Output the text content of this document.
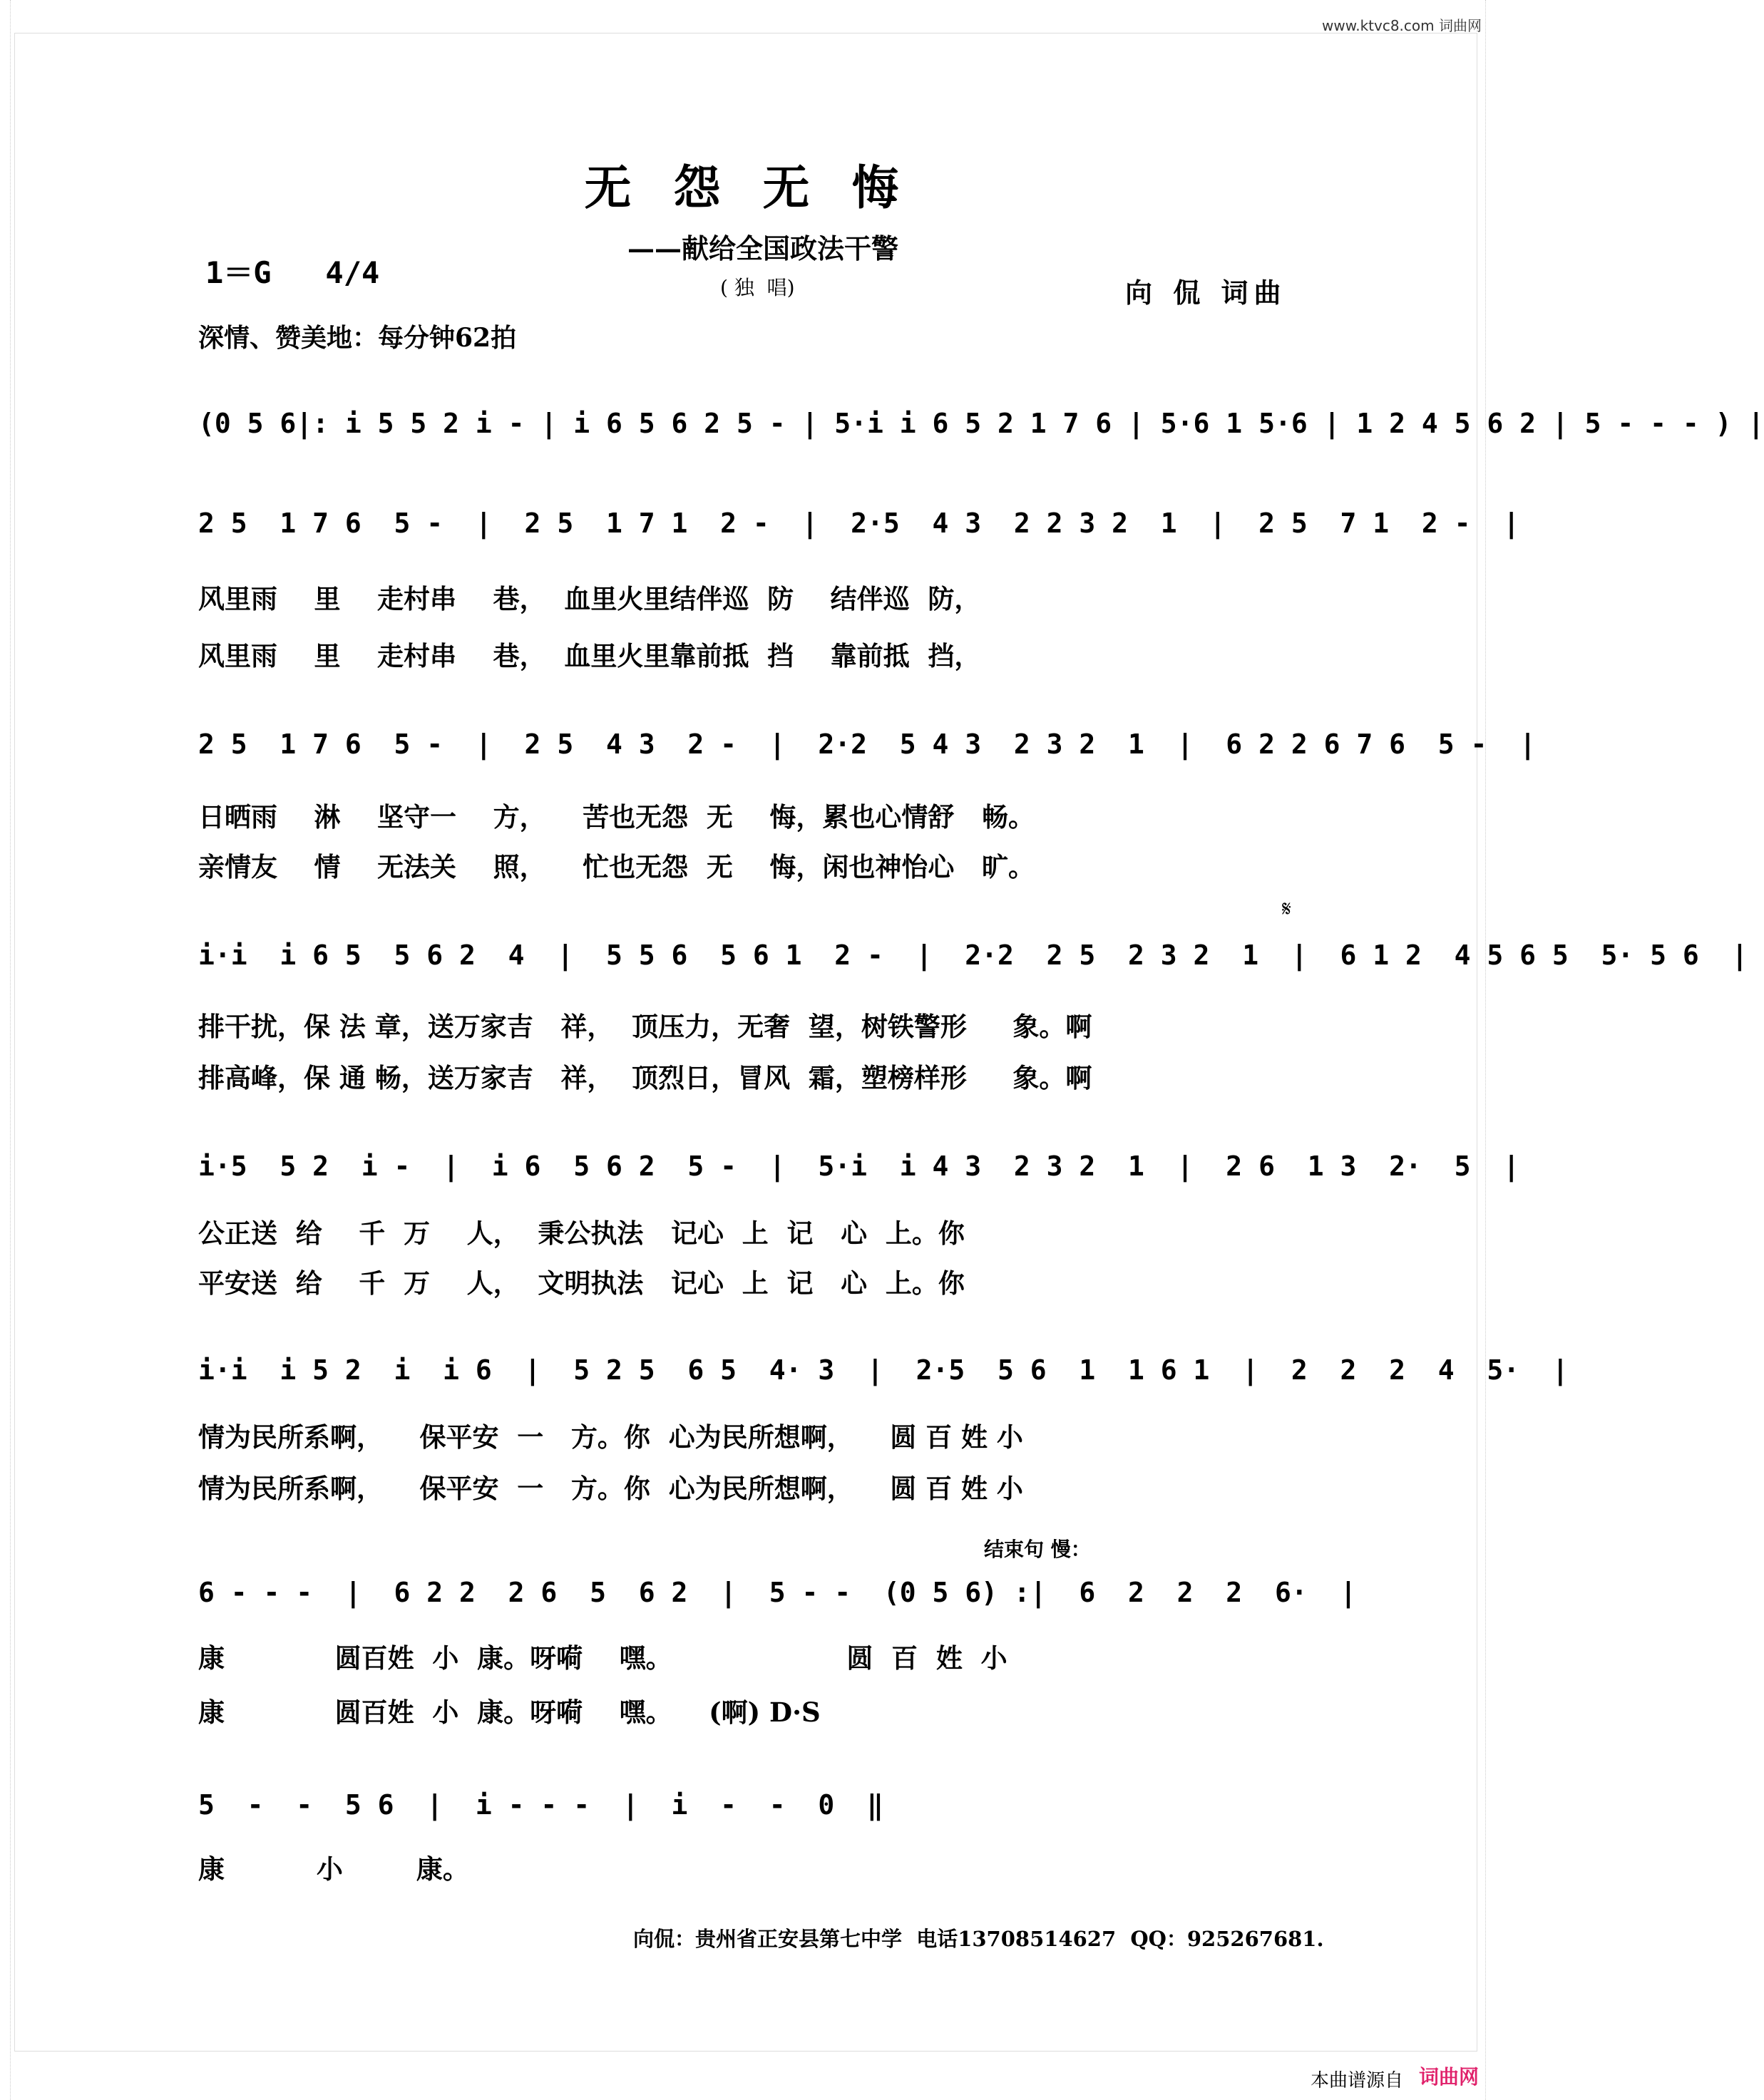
www.ktvc8.com 词曲网
无 怨 无 悔
——献给全国政法干警
( 独  唱)
1＝G   4/4
向 侃 词曲
深情、赞美地：每分钟62拍
(0 5 6|: i 5 5 2 i - | i 6 5 6 2 5 - | 5·i i 6 5 2 1 7 6 | 5·6 1 5·6 | 1 2 4 5 6 2 | 5 - - - ) |
2 5  1 7 6  5 -  |  2 5  1 7 1  2 -  |  2·5  4 3  2 2 3 2  1  |  2 5  7 1  2 -  |
风里雨    里    走村串    巷，  血里火里结伴巡  防    结伴巡  防，
风里雨    里    走村串    巷，  血里火里靠前抵  挡    靠前抵  挡，
2 5  1 7 6  5 -  |  2 5  4 3  2 -  |  2·2  5 4 3  2 3 2  1  |  6 2 2 6 7 6  5 -  |
日晒雨    淋    坚守一    方，    苦也无怨  无    悔，累也心情舒   畅。
亲情友    情    无法关    照，    忙也无怨  无    悔，闲也神怡心   旷。
𝄋
i·i  i 6 5  5 6 2  4  |  5 5 6  5 6 1  2 -  |  2·2  2 5  2 3 2  1  |  6 1 2  4 5 6 5  5· 5 6  |
排干扰，保 法 章，送万家吉   祥，  顶压力，无奢  望，树铁警形     象。啊
排高峰，保 通 畅，送万家吉   祥，  顶烈日，冒风  霜，塑榜样形     象。啊
i·5  5 2  i -  |  i 6  5 6 2  5 -  |  5·i  i 4 3  2 3 2  1  |  2 6  1 3  2·  5  |
公正送  给    千  万    人，  秉公执法   记心  上  记   心  上。你
平安送  给    千  万    人，  文明执法   记心  上  记   心  上。你
i·i  i 5 2  i  i 6  |  5 2 5  6 5  4· 3  |  2·5  5 6  1  1 6 1  |  2  2  2  4  5·  |
情为民所系啊，    保平安  一   方。你  心为民所想啊，    圆 百 姓 小
情为民所系啊，    保平安  一   方。你  心为民所想啊，    圆 百 姓 小
结束句 慢：
6 - - -  |  6 2 2  2 6  5  6 2  |  5 - -  (0 5 6) :|  6  2  2  2  6·  |
康            圆百姓  小  康。呀嗬    嘿。                   圆  百  姓  小
康            圆百姓  小  康。呀嗬    嘿。    (啊) D·S
5  -  -  5 6  |  i - - -  |  i  -  -  0  ‖
康          小        康。
向侃：贵州省正安县第七中学  电话13708514627  QQ：925267681.
本曲谱源自 词曲网
